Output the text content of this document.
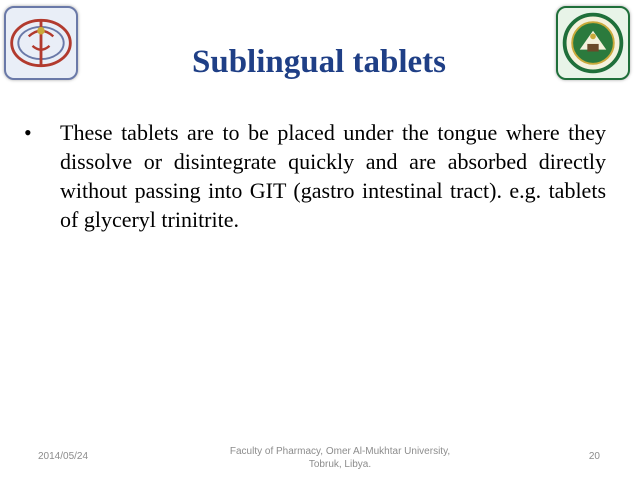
Sublingual tablets
•	These tablets are to be placed under the tongue where they dissolve or disintegrate quickly and are absorbed directly without passing into GIT (gastro intestinal tract). e.g. tablets of glyceryl trinitrite.
2014/05/24	Faculty of Pharmacy, Omer Al-Mukhtar University,
Tobruk, Libya.
20
